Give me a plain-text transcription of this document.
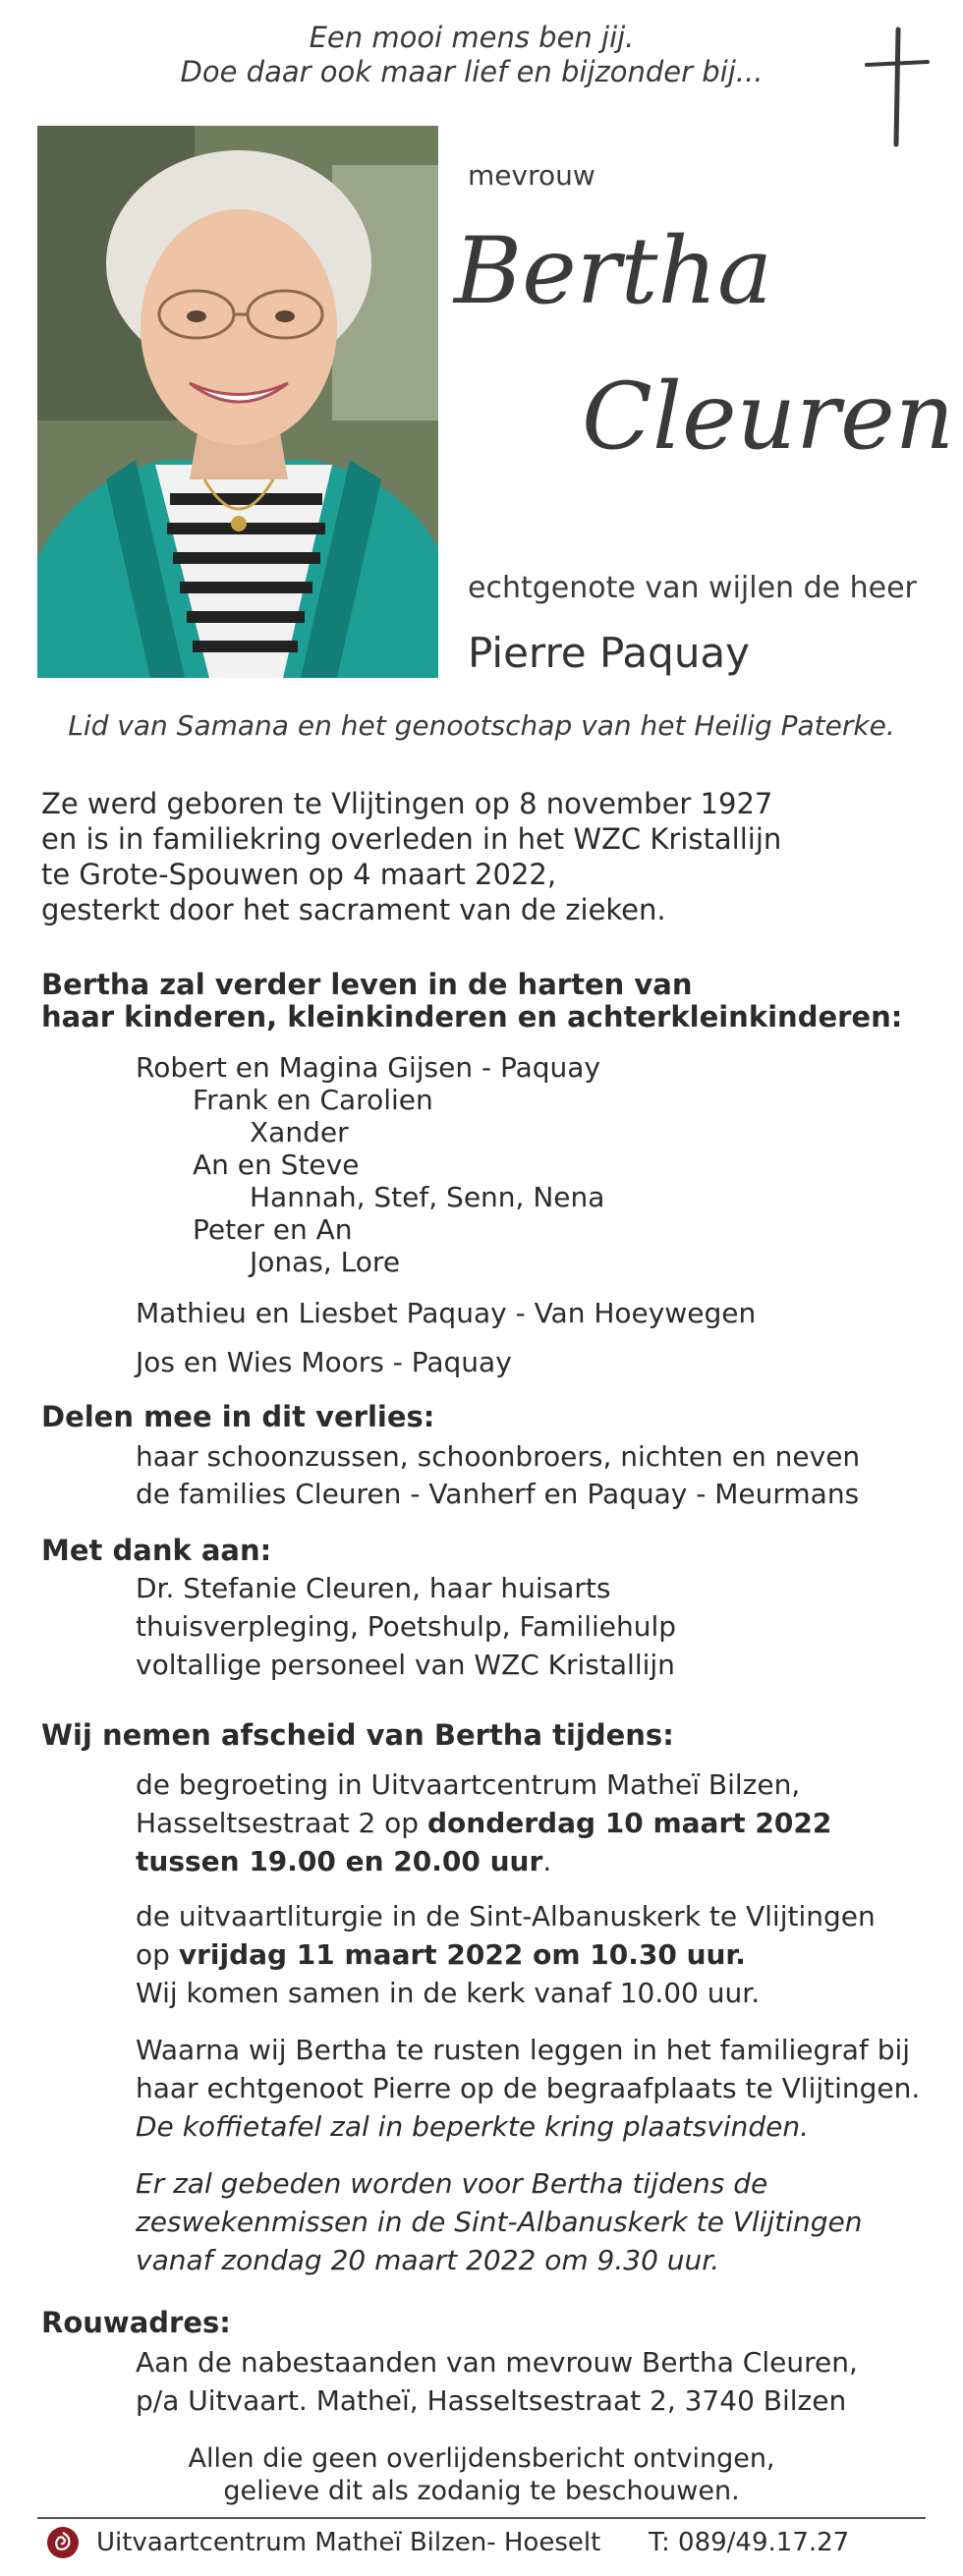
Een mooi mens ben jij.
Doe daar ook maar lief en bijzonder bij...
mevrouw
Bertha
Cleuren
echtgenote van wijlen de heer
Pierre Paquay
Lid van Samana en het genootschap van het Heilig Paterke.
Ze werd geboren te Vlijtingen op 8 november 1927
en is in familiekring overleden in het WZC Kristallijn
te Grote-Spouwen op 4 maart 2022,
gesterkt door het sacrament van de zieken.
Bertha zal verder leven in de harten van
haar kinderen, kleinkinderen en achterkleinkinderen:
Robert en Magina Gijsen - Paquay
Frank en Carolien
Xander
An en Steve
Hannah, Stef, Senn, Nena
Peter en An
Jonas, Lore
Mathieu en Liesbet Paquay - Van Hoeywegen
Jos en Wies Moors - Paquay
Delen mee in dit verlies:
haar schoonzussen, schoonbroers, nichten en neven
de families Cleuren - Vanherf en Paquay - Meurmans
Met dank aan:
Dr. Stefanie Cleuren, haar huisarts
thuisverpleging, Poetshulp, Familiehulp
voltallige personeel van WZC Kristallijn
Wij nemen afscheid van Bertha tijdens:
de begroeting in Uitvaartcentrum Matheï Bilzen,
Hasseltsestraat 2 op donderdag 10 maart 2022
tussen 19.00 en 20.00 uur.
de uitvaartliturgie in de Sint-Albanuskerk te Vlijtingen
op vrijdag 11 maart 2022 om 10.30 uur.
Wij komen samen in de kerk vanaf 10.00 uur.
Waarna wij Bertha te rusten leggen in het familiegraf bij
haar echtgenoot Pierre op de begraafplaats te Vlijtingen.
De koffietafel zal in beperkte kring plaatsvinden.
Er zal gebeden worden voor Bertha tijdens de
zeswekenmissen in de Sint-Albanuskerk te Vlijtingen
vanaf zondag 20 maart 2022 om 9.30 uur.
Rouwadres:
Aan de nabestaanden van mevrouw Bertha Cleuren,
p/a Uitvaart. Matheï, Hasseltsestraat 2, 3740 Bilzen
Allen die geen overlijdensbericht ontvingen,
gelieve dit als zodanig te beschouwen.
Uitvaartcentrum Matheï Bilzen- Hoeselt T: 089/49.17.27
